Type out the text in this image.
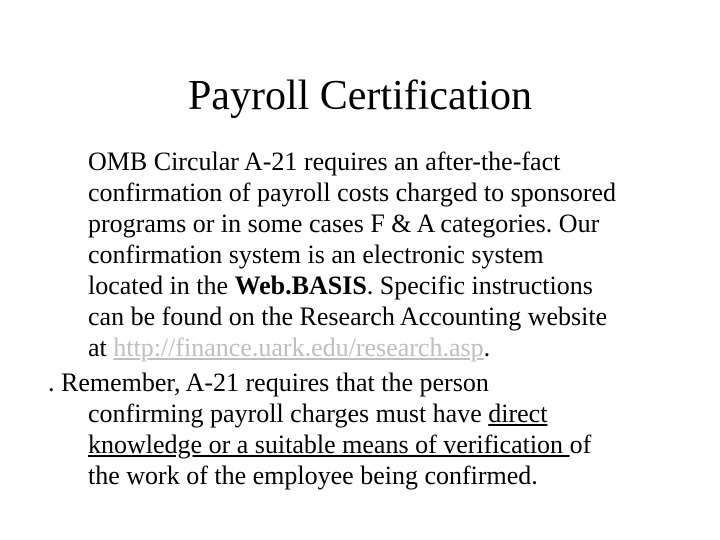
Payroll Certification
OMB Circular A-21 requires an after-the-fact
confirmation of payroll costs charged to sponsored
programs or in some cases F & A categories. Our
confirmation system is an electronic system
located in the Web.BASIS. Specific instructions
can be found on the Research Accounting website
at http://finance.uark.edu/research.asp.
. Remember, A-21 requires that the person
confirming payroll charges must have direct
knowledge or a suitable means of verification of
the work of the employee being confirmed.
